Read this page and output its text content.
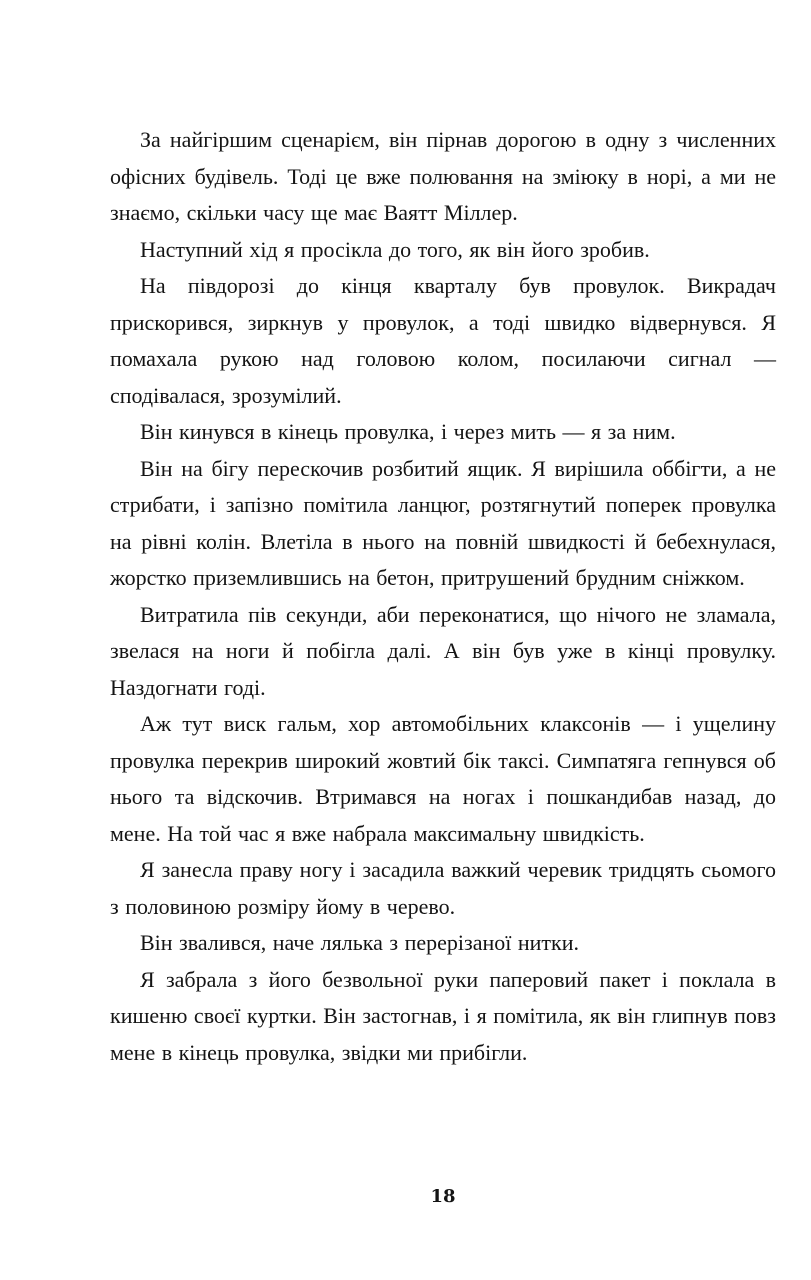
За найгіршим сценарієм, він пірнав дорогою в одну з численних офісних будівель. Тоді це вже полювання на зміюку в норі, а ми не знаємо, скільки часу ще має Ваятт Міллер.

Наступний хід я просікла до того, як він його зробив.

На півдорозі до кінця кварталу був провулок. Викрадач прискорився, зиркнув у провулок, а тоді швидко відвернувся. Я помахала рукою над головою колом, посилаючи сигнал — сподівалася, зрозумілий.

Він кинувся в кінець провулка, і через мить — я за ним.

Він на бігу перескочив розбитий ящик. Я вирішила оббігти, а не стрибати, і запізно помітила ланцюг, розтягнутий поперек провулка на рівні колін. Влетіла в нього на повній швидкості й бебехнулася, жорстко приземлившись на бетон, притрушений брудним сніжком.

Витратила пів секунди, аби переконатися, що нічого не зламала, звелася на ноги й побігла далі. А він був уже в кінці провулку. Наздогнати годі.

Аж тут виск гальм, хор автомобільних клаксонів — і ущелину провулка перекрив широкий жовтий бік таксі. Симпатяга гепнувся об нього та відскочив. Втримався на ногах і пошкандибав назад, до мене. На той час я вже набрала максимальну швидкість.

Я занесла праву ногу і засадила важкий черевик тридцять сьомого з половиною розміру йому в черево.

Він звалився, наче лялька з перерізаної нитки.

Я забрала з його безвольної руки паперовий пакет і поклала в кишеню своєї куртки. Він застогнав, і я помітила, як він глипнув повз мене в кінець провулка, звідки ми прибігли.

18
